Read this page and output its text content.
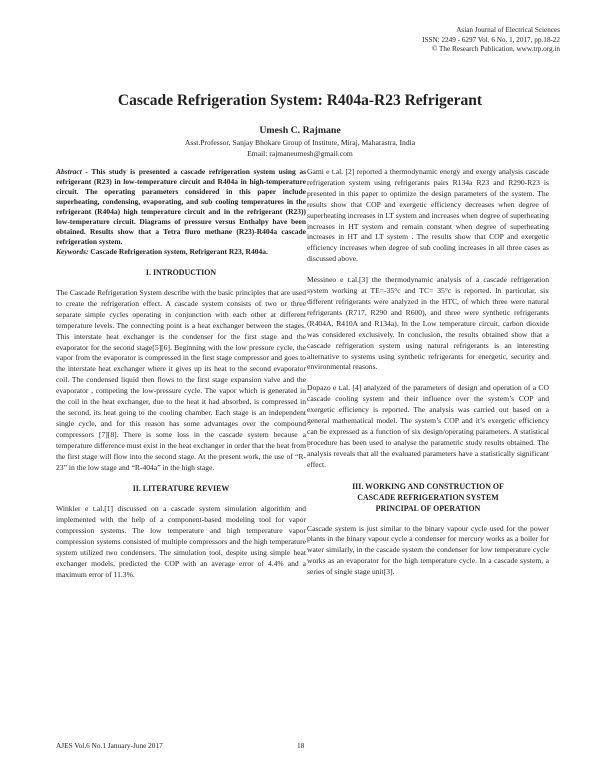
Asian Journal of Electrical Sciences
ISSN: 2249 - 6297 Vol. 6 No. 1, 2017, pp.18-22
© The Research Publication, www.trp.org.in
Cascade Refrigeration System: R404a-R23 Refrigerant
Umesh C. Rajmane
Asst.Professor, Sanjay Bhokare Group of Institute, Miraj, Maharastra, India
Email: rajmaneumesh@gmail.com

Abstract - This study is presented a cascade refrigeration system using as refrigerant (R23) in low-temperature circuit and R404a in high-temperature circuit. The operating parameters considered in this paper include superheating, condensing, evaporating, and sub cooling temperatures in the refrigerant (R404a) high temperature circuit and in the refrigerant (R23)) low-temperature circuit. Diagrams of pressure versus Enthalpy have been obtained. Results show that a Tetra fluro methane (R23)-R404a cascade refrigeration system.

Keywords: Cascade Refrigeration system, Refrigerant R23, R404a.

I. INTRODUCTION

The Cascade Refrigeration System describe with the basic principles that are used to create the refrigeration effect. A cascade system consists of two or three separate simple cycles operating in conjunction with each other at different temperature levels. The connecting point is a heat exchanger between the stages. This interstate heat exchanger is the condenser for the first stage and the evaporator for the second stage[5][6]. Beginning with the low pressure cycle, the vapor from the evaporator is compressed in the first stage compressor and goes to the interstate heat exchanger where it gives up its heat to the second evaporator coil. The condensed liquid then flows to the first stage expansion valve and the evaporator , competing the low-pressure cycle. The vapor which is generated in the coil in the heat exchanger, due to the heat it had absorbed, is compressed in the second, its heat going to the cooling chamber. Each stage is an independent single cycle, and for this reason has some advantages over the compound compressors [7][8]. There is some loss in the cascade system because a temperature difference must exist in the heat exchanger in order that the heat from the first stage will flow into the second stage. At the present work, the use of “R-23” in the low stage and “R-404a” in the high stage.

II. LITERATURE REVIEW

Winkler e t.al.[1] discussed on a cascade system simulation algorithm and implemented with the help of a component-based modeling tool for vapor compression systems. The low temperature and high temperature vapor compression systems consisted of multiple compressors and the high temperature system utilized two condensers. The simulation tool, despite using simple heat exchanger models, predicted the COP with an average error of 4.4% and a maximum error of 11.3%.

Gami e t.al. [2] reported a thermodynamic energy and exergy analysis cascade refrigeration system using refrigerants pairs R134a R23 and R290-R23 is presented in this paper to optimize the design parameters of the system. The results show that COP and exergetic efficiency decreases when degree of superheating increases in LT system and increases when degree of superheating increases in HT system and remain constant when degree of superheating increases in HT and LT system . The results show that COP and exergetic efficiency increases when degree of sub cooling increases in all three cases as discussed above.

Messineo e t.al.[3] the thermodynamic analysis of a cascade refrigeration system working at TE=-35°c and TC= 35°c is reported. In particular, six different refrigerants were analyzed in the HTC, of which three were natural refrigerants (R717, R290 and R600), and three were synthetic refrigerants (R404A, R410A and R134a). In the Low temperature circuit, carbon dioxide was considered exclusively. In conclusion, the results obtained show that a cascade refrigeration system using natural refrigerants is an interesting alternative to systems using synthetic refrigerants for energetic, security and environmental reasons.

Dopazo e t.al. [4] analyzed of the parameters of design and operation of a CO cascade cooling system and their influence over the system’s COP and exergetic efficiency is reported. The analysis was carried out based on a general mathematical model. The system’s COP and it’s exergetic efficiency can be expressed as a function of six design/operating parameters. A statistical procedure has been used to analyse the parametric study results obtained. The analysis reveals that all the evaluated parameters have a statistically significant effect.

III. WORKING AND CONSTRUCTION OF

CASCADE REFRIGERATION SYSTEM

PRINCIPAL OF OPERATION

Cascade system is just similar to the binary vapour cycle used for the power plants in the binary vapour cycle a condenser for mercury works as a boiler for water similarly, in the cascade system the condenser for low temperature cycle works as an evaporator for the high temperature cycle. In a cascade system, a series of single stage unit[3].

AJES Vol.6 No.1 January-June 2017	18
